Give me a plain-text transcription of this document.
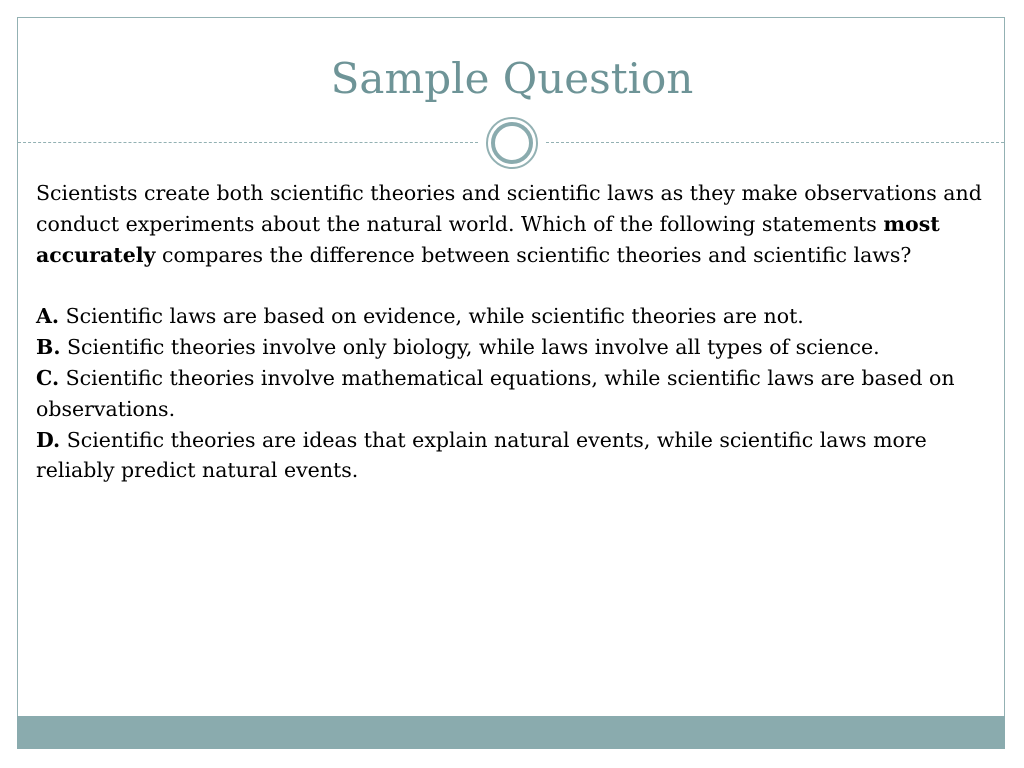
Sample Question

Scientists create both scientific theories and scientific laws as they make observations and conduct experiments about the natural world. Which of the following statements most accurately compares the difference between scientific theories and scientific laws?

A. Scientific laws are based on evidence, while scientific theories are not.

B. Scientific theories involve only biology, while laws involve all types of science.

C. Scientific theories involve mathematical equations, while scientific laws are based on observations.

D. Scientific theories are ideas that explain natural events, while scientific laws more reliably predict natural events.
